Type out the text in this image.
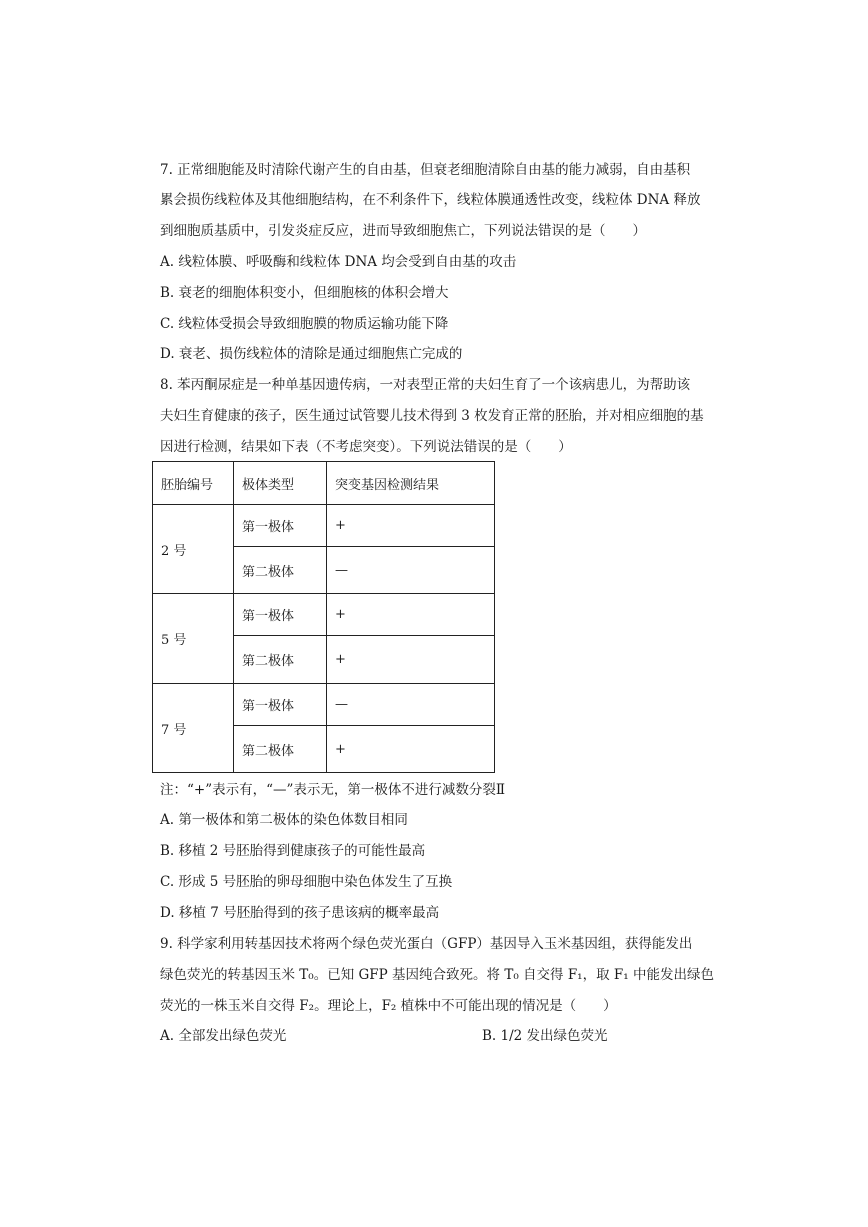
7. 正常细胞能及时清除代谢产生的自由基，但衰老细胞清除自由基的能力减弱，自由基积
累会损伤线粒体及其他细胞结构，在不利条件下，线粒体膜通透性改变，线粒体 DNA 释放
到细胞质基质中，引发炎症反应，进而导致细胞焦亡，下列说法错误的是（　　）
A. 线粒体膜、呼吸酶和线粒体 DNA 均会受到自由基的攻击
B. 衰老的细胞体积变小，但细胞核的体积会增大
C. 线粒体受损会导致细胞膜的物质运输功能下降
D. 衰老、损伤线粒体的清除是通过细胞焦亡完成的
8. 苯丙酮尿症是一种单基因遗传病，一对表型正常的夫妇生育了一个该病患儿，为帮助该
夫妇生育健康的孩子，医生通过试管婴儿技术得到 3 枚发育正常的胚胎，并对相应细胞的基
因进行检测，结果如下表（不考虑突变）。下列说法错误的是（　　）
胚胎编号	极体类型	突变基因检测结果
2 号	第一极体	+
	第二极体	—
5 号	第一极体	+
	第二极体	+
7 号	第一极体	—
	第二极体	+
注：“+”表示有，“—”表示无，第一极体不进行减数分裂Ⅱ
A. 第一极体和第二极体的染色体数目相同
B. 移植 2 号胚胎得到健康孩子的可能性最高
C. 形成 5 号胚胎的卵母细胞中染色体发生了互换
D. 移植 7 号胚胎得到的孩子患该病的概率最高
9. 科学家利用转基因技术将两个绿色荧光蛋白（GFP）基因导入玉米基因组，获得能发出
绿色荧光的转基因玉米 T₀。已知 GFP 基因纯合致死。将 T₀ 自交得 F₁，取 F₁ 中能发出绿色
荧光的一株玉米自交得 F₂。理论上，F₂ 植株中不可能出现的情况是（　　）
A. 全部发出绿色荧光	B. 1/2 发出绿色荧光
